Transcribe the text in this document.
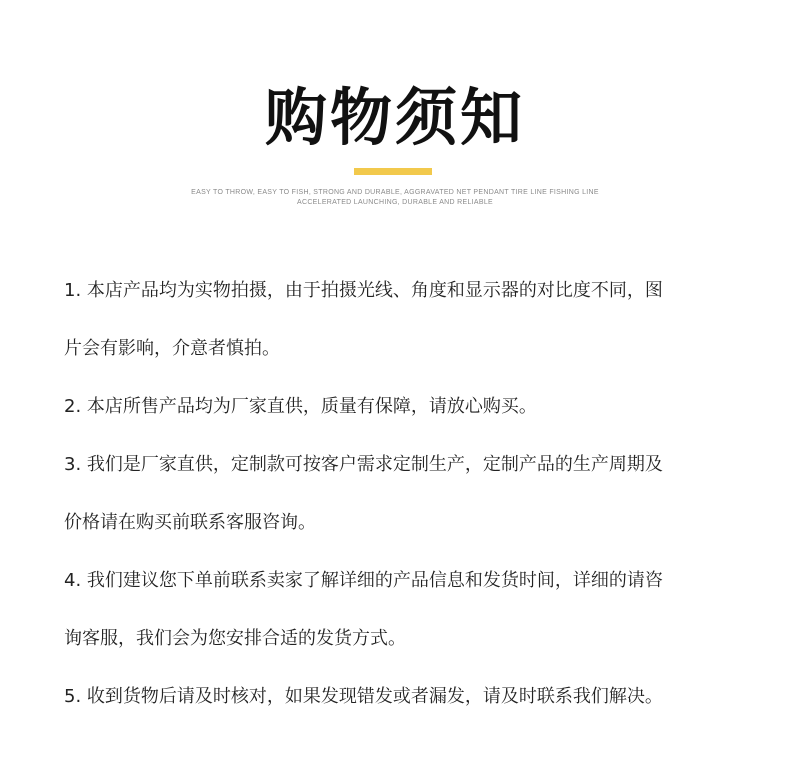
购物须知
EASY TO THROW, EASY TO FISH, STRONG AND DURABLE, AGGRAVATED NET PENDANT TIRE LINE FISHING LINE
ACCELERATED LAUNCHING, DURABLE AND RELIABLE
1. 本店产品均为实物拍摄，由于拍摄光线、角度和显示器的对比度不同，图
片会有影响，介意者慎拍。
2. 本店所售产品均为厂家直供，质量有保障，请放心购买。
3. 我们是厂家直供，定制款可按客户需求定制生产，定制产品的生产周期及
价格请在购买前联系客服咨询。
4. 我们建议您下单前联系卖家了解详细的产品信息和发货时间，详细的请咨
询客服，我们会为您安排合适的发货方式。
5. 收到货物后请及时核对，如果发现错发或者漏发，请及时联系我们解决。
